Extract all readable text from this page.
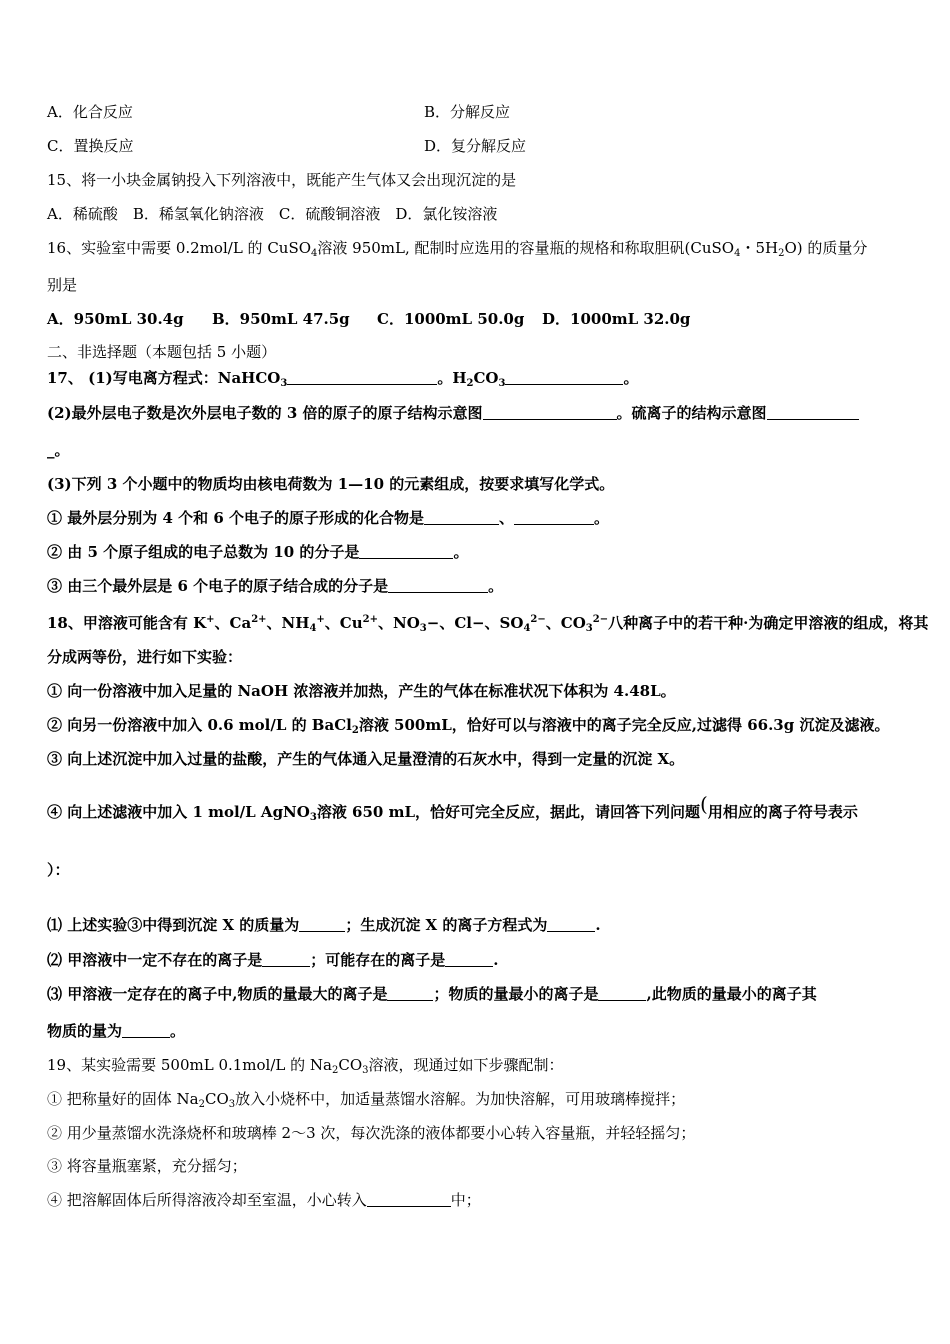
A．化合反应	B．分解反应
C．置换反应	D．复分解反应
15、将一小块金属钠投入下列溶液中，既能产生气体又会出现沉淀的是
A．稀硫酸　B．稀氢氧化钠溶液　C．硫酸铜溶液　D．氯化铵溶液
16、实验室中需要 0.2mol/L 的 CuSO$_4$溶液 950mL, 配制时应选用的容量瓶的规格和称取胆矾(CuSO$_4$・$5H_2O$) 的质量分
别是
A．950mL 30.4g B．950mL 47.5g C．1000mL 50.0g D．1000mL 32.0g
二、非选择题（本题包括 5 小题）
17、 (1)写电离方程式：NaHCO$_3$	。$H_2CO_3$	。
(2)最外层电子数是次外层电子数的 3 倍的原子的原子结构示意图	。硫离子的结构示意图
_。
(3)下列 3 个小题中的物质均由核电荷数为 1—10 的元素组成，按要求填写化学式。
① 最外层分别为 4 个和 6 个电子的原子形成的化合物是	、	。
② 由 5 个原子组成的电子总数为 10 的分子是	。
③ 由三个最外层是 6 个电子的原子结合成的分子是	。
18、甲溶液可能含有 K+、$Ca^{2+}$、$NH_4^+$、$Cu^{2+}$、$NO_3-$、Cl−、$SO_4^{2-}$、$CO_3^{2-}$八种离子中的若干种·为确定甲溶液的组成，将其
分成两等份，进行如下实验：
① 向一份溶液中加入足量的 NaOH 浓溶液并加热，产生的气体在标准状况下体积为 4.48L。
② 向另一份溶液中加入 0.6 mol/L 的 BaCl$_2$溶液 500mL，恰好可以与溶液中的离子完全反应,过滤得 66.3g 沉淀及滤液。
③ 向上述沉淀中加入过量的盐酸，产生的气体通入足量澄清的石灰水中，得到一定量的沉淀 X。
④ 向上述滤液中加入 1 mol/L AgNO$_3$溶液 650 mL，恰好可完全反应，据此，请回答下列问题(用相应的离子符号表示
）：
⑴ 上述实验③中得到沉淀 X 的质量为	；生成沉淀 X 的离子方程式为	.
⑵ 甲溶液中一定不存在的离子是	；可能存在的离子是	.
⑶ 甲溶液一定存在的离子中,物质的量最大的离子是	；物质的量最小的离子是	,此物质的量最小的离子其
物质的量为	。
19、某实验需要 500mL 0.1mol/L 的 $Na_2CO_3$溶液，现通过如下步骤配制：
① 把称量好的固体 $Na_2CO_3$放入小烧杯中，加适量蒸馏水溶解。为加快溶解，可用玻璃棒搅拌；
② 用少量蒸馏水洗涤烧杯和玻璃棒 2～3 次，每次洗涤的液体都要小心转入容量瓶，并轻轻摇匀；
③ 将容量瓶塞紧，充分摇匀；
④ 把溶解固体后所得溶液冷却至室温，小心转入	中；
